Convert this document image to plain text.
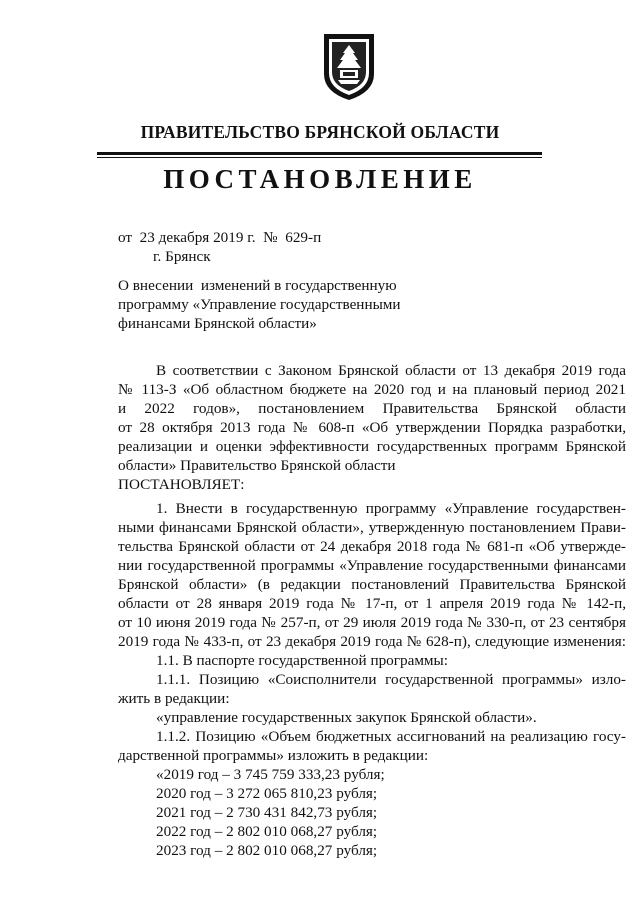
ПРАВИТЕЛЬСТВО БРЯНСКОЙ ОБЛАСТИ
ПОСТАНОВЛЕНИЕ
от  23 декабря 2019 г.  №  629-п
г. Брянск
О внесении  изменений в государственную
программу «Управление государственными
финансами Брянской области»
В соответствии с Законом Брянской области от 13 декабря 2019 года
№ 113-З «Об областном бюджете на 2020 год и на плановый период 2021
и 2022 годов», постановлением Правительства Брянской области
от 28 октября 2013 года № 608-п «Об утверждении Порядка разработки,
реализации и оценки эффективности государственных программ Брянской
области» Правительство Брянской области
ПОСТАНОВЛЯЕТ:
1. Внести в государственную программу «Управление государствен-
ными финансами Брянской области», утвержденную постановлением Прави-
тельства Брянской области от 24 декабря 2018 года № 681-п «Об утвержде-
нии государственной программы «Управление государственными финансами
Брянской области» (в редакции постановлений Правительства Брянской
области от 28 января 2019 года № 17-п, от 1 апреля 2019 года № 142-п,
от 10 июня 2019 года № 257-п, от 29 июля 2019 года № 330-п, от 23 сентября
2019 года № 433-п, от 23 декабря 2019 года № 628-п), следующие изменения:
1.1. В паспорте государственной программы:
1.1.1. Позицию «Соисполнители государственной программы» изло-
жить в редакции:
«управление государственных закупок Брянской области».
1.1.2. Позицию «Объем бюджетных ассигнований на реализацию госу-
дарственной программы» изложить в редакции:
«2019 год – 3 745 759 333,23 рубля;
2020 год – 3 272 065 810,23 рубля;
2021 год – 2 730 431 842,73 рубля;
2022 год – 2 802 010 068,27 рубля;
2023 год – 2 802 010 068,27 рубля;
